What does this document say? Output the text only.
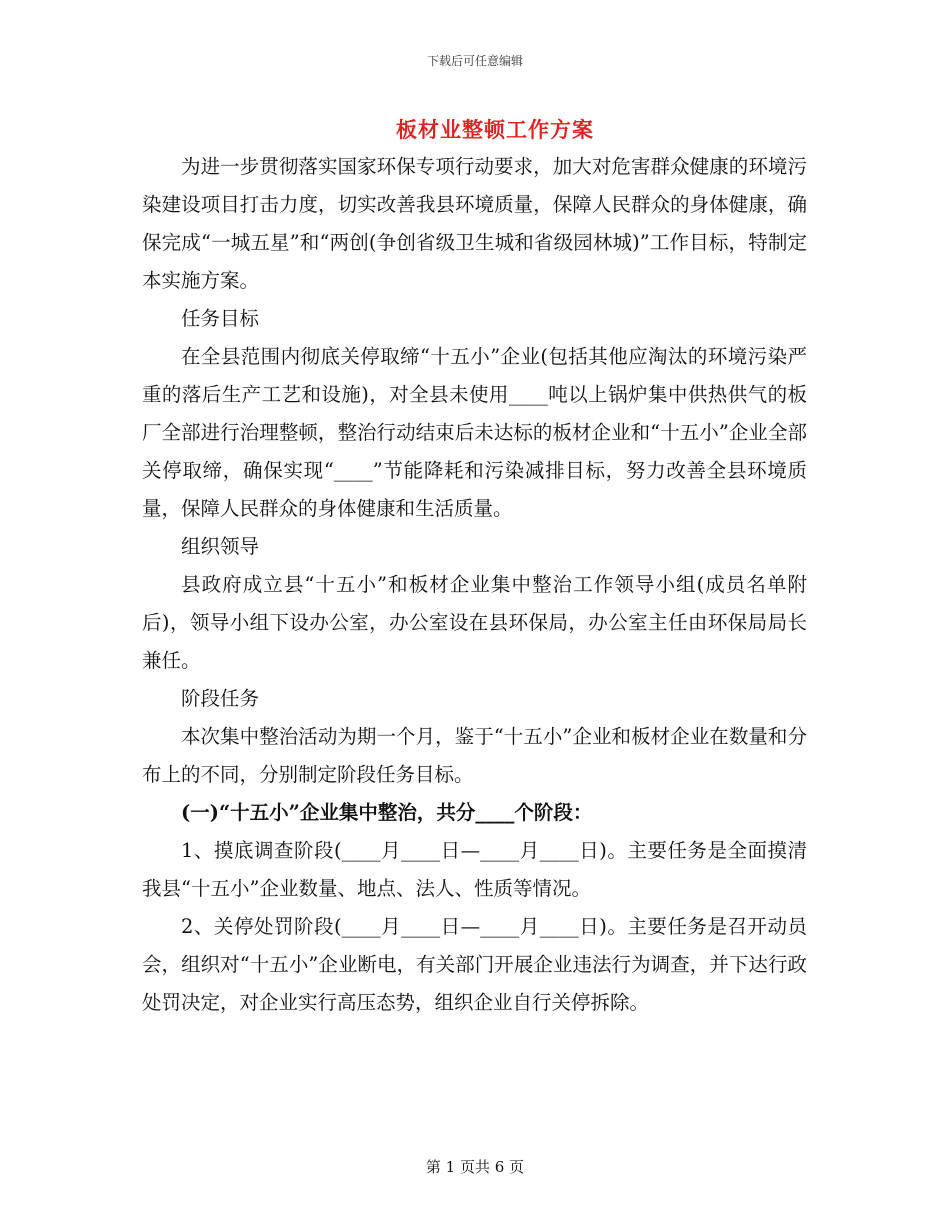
下载后可任意编辑
板材业整顿工作方案

为进一步贯彻落实国家环保专项行动要求，加大对危害群众健康的环境污染建设项目打击力度，切实改善我县环境质量，保障人民群众的身体健康，确保完成“一城五星”和“两创(争创省级卫生城和省级园林城)”工作目标，特制定本实施方案。

任务目标

在全县范围内彻底关停取缔“十五小”企业(包括其他应淘汰的环境污染严重的落后生产工艺和设施)，对全县未使用____吨以上锅炉集中供热供气的板厂全部进行治理整顿，整治行动结束后未达标的板材企业和“十五小”企业全部关停取缔，确保实现“____”节能降耗和污染减排目标，努力改善全县环境质量，保障人民群众的身体健康和生活质量。

组织领导

县政府成立县“十五小”和板材企业集中整治工作领导小组(成员名单附后)，领导小组下设办公室，办公室设在县环保局，办公室主任由环保局局长兼任。

阶段任务

本次集中整治活动为期一个月，鉴于“十五小”企业和板材企业在数量和分布上的不同，分别制定阶段任务目标。

(一)“十五小”企业集中整治，共分____个阶段：

1、摸底调查阶段(____月____日—____月____日)。主要任务是全面摸清我县“十五小”企业数量、地点、法人、性质等情况。

2、关停处罚阶段(____月____日—____月____日)。主要任务是召开动员会，组织对“十五小”企业断电，有关部门开展企业违法行为调查，并下达行政处罚决定，对企业实行高压态势，组织企业自行关停拆除。

第 1 页共 6 页
